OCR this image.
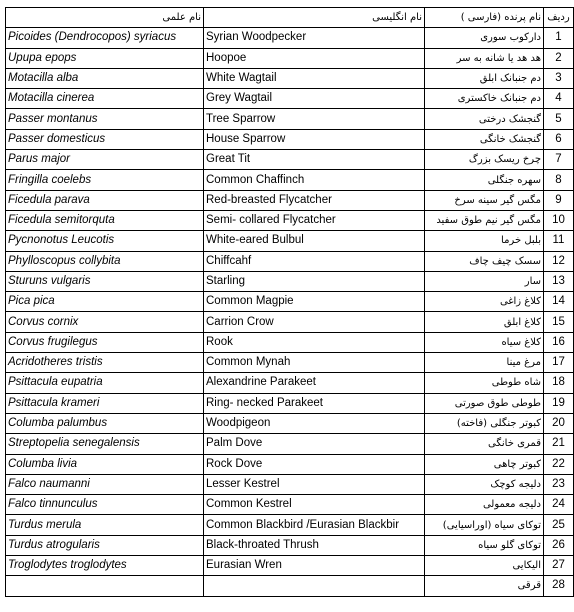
نام علمی	نام انگلیسی	نام پرنده (فارسی )	ردیف
Picoides (Dendrocopos) syriacus	Syrian Woodpecker	دارکوب سوری	1
Upupa epops	Hoopoe	هد هد یا شانه به سر	2
Motacilla alba	White Wagtail	دم جنبانک ابلق	3
Motacilla cinerea	Grey Wagtail	دم جنبانک خاکستری	4
Passer montanus	Tree Sparrow	گنجشک درختی	5
Passer domesticus	House Sparrow	گنجشک خانگی	6
Parus major	Great Tit	چرخ ریسک بزرگ	7
Fringilla coelebs	Common Chaffinch	سهره جنگلی	8
Ficedula parava	Red-breasted Flycatcher	مگس گیر سینه سرخ	9
Ficedula semitorquta	Semi- collared Flycatcher	مگس گیر نیم طوق سفید	10
Pycnonotus Leucotis	White-eared Bulbul	بلبل خرما	11
Phylloscopus collybita	Chiffcahf	سسک چیف چاف	12
Sturuns vulgaris	Starling	سار	13
Pica pica	Common Magpie	کلاغ زاغی	14
Corvus cornix	Carrion Crow	کلاغ ابلق	15
Corvus frugilegus	Rook	کلاغ سیاه	16
Acridotheres tristis	Common Mynah	مرغ مینا	17
Psittacula eupatria	Alexandrine Parakeet	شاه طوطی	18
Psittacula krameri	Ring- necked Parakeet	طوطی طوق صورتی	19
Columba palumbus	Woodpigeon	کبوتر جنگلی (فاخته)	20
Streptopelia senegalensis	Palm Dove	قمری خانگی	21
Columba livia	Rock Dove	کبوتر چاهی	22
Falco naumanni	Lesser Kestrel	دلیجه کوچک	23
Falco tinnunculus	Common Kestrel	دلیجه معمولی	24
Turdus merula	Common Blackbird /Eurasian Blackbir	توکای سیاه (اوراسیایی)	25
Turdus atrogularis	Black-throated Thrush	توکای گلو سیاه	26
Troglodytes troglodytes	Eurasian Wren	الیکایی	27
		قرقی	28
